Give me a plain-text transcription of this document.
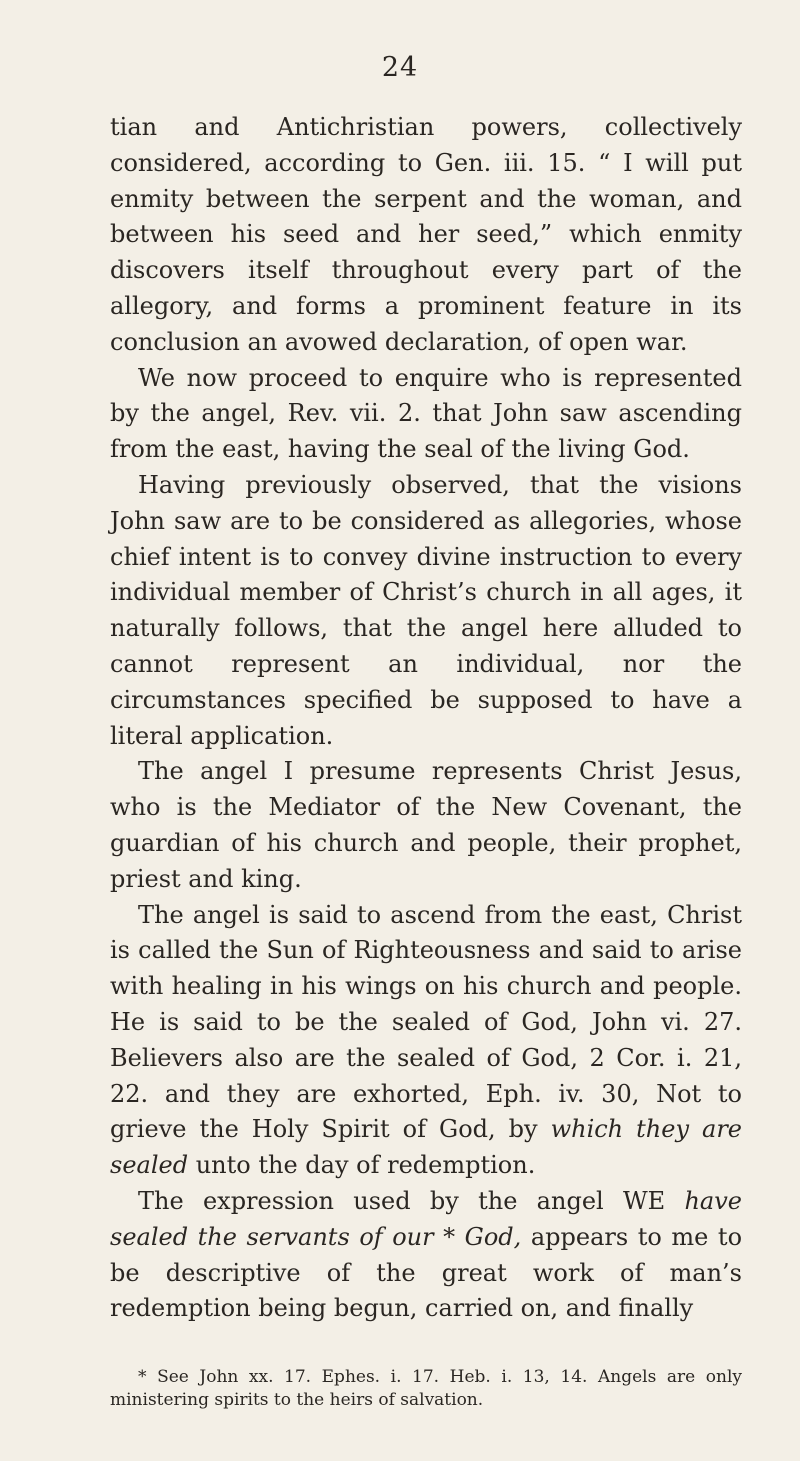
24

tian and Antichristian powers, collectively considered, according to Gen. iii. 15. “ I will put enmity between the serpent and the woman, and between his seed and her seed,” which enmity discovers itself throughout every part of the allegory, and forms a prominent feature in its conclusion an avowed declaration, of open war.

We now proceed to enquire who is represented by the angel, Rev. vii. 2. that John saw ascending from the east, having the seal of the living God.

Having previously observed, that the visions John saw are to be considered as allegories, whose chief intent is to convey divine instruction to every individual member of Christ’s church in all ages, it naturally follows, that the angel here alluded to cannot represent an individual, nor the circumstances specified be supposed to have a literal application.

The angel I presume represents Christ Jesus, who is the Mediator of the New Covenant, the guardian of his church and people, their prophet, priest and king.

The angel is said to ascend from the east, Christ is called the Sun of Righteousness and said to arise with healing in his wings on his church and people. He is said to be the sealed of God, John vi. 27. Believers also are the sealed of God, 2 Cor. i. 21, 22. and they are exhorted, Eph. iv. 30, Not to grieve the Holy Spirit of God, by which they are sealed unto the day of redemption.

The expression used by the angel WE have sealed the servants of our * God, appears to me to be descriptive of the great work of man’s redemption being begun, carried on, and finally

* See John xx. 17. Ephes. i. 17. Heb. i. 13, 14. Angels are only ministering spirits to the heirs of salvation.
